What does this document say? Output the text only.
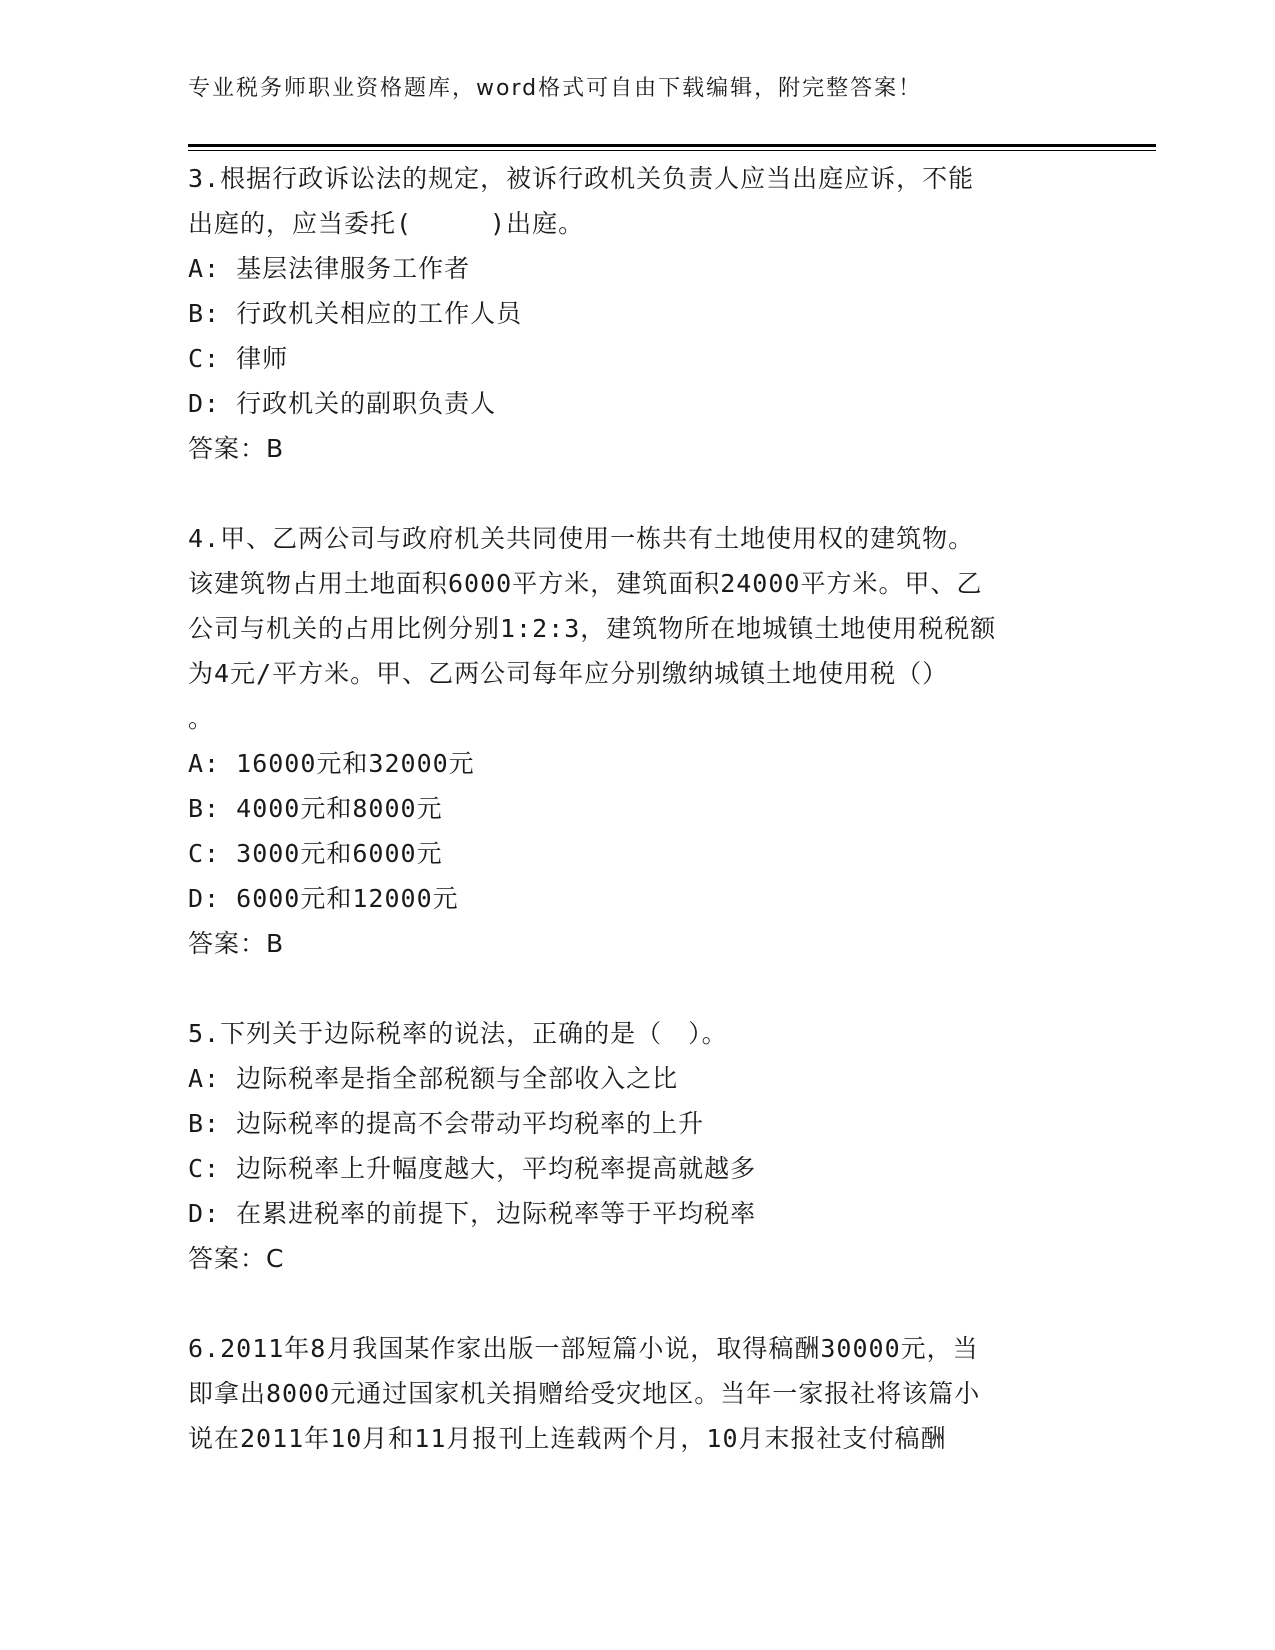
专业税务师职业资格题库，word格式可自由下载编辑，附完整答案！
3.根据行政诉讼法的规定，被诉行政机关负责人应当出庭应诉，不能
出庭的，应当委托(　　　)出庭。
A: 基层法律服务工作者
B: 行政机关相应的工作人员
C: 律师
D: 行政机关的副职负责人
答案：B
4.甲、乙两公司与政府机关共同使用一栋共有土地使用权的建筑物。
该建筑物占用土地面积6000平方米，建筑面积24000平方米。甲、乙
公司与机关的占用比例分别1:2:3，建筑物所在地城镇土地使用税税额
为4元/平方米。甲、乙两公司每年应分别缴纳城镇土地使用税（）
。
A: 16000元和32000元
B: 4000元和8000元
C: 3000元和6000元
D: 6000元和12000元
答案：B
5.下列关于边际税率的说法，正确的是（　）。
A: 边际税率是指全部税额与全部收入之比
B: 边际税率的提高不会带动平均税率的上升
C: 边际税率上升幅度越大，平均税率提高就越多
D: 在累进税率的前提下，边际税率等于平均税率
答案：C
6.2011年8月我国某作家出版一部短篇小说，取得稿酬30000元，当
即拿出8000元通过国家机关捐赠给受灾地区。当年一家报社将该篇小
说在2011年10月和11月报刊上连载两个月，10月末报社支付稿酬
